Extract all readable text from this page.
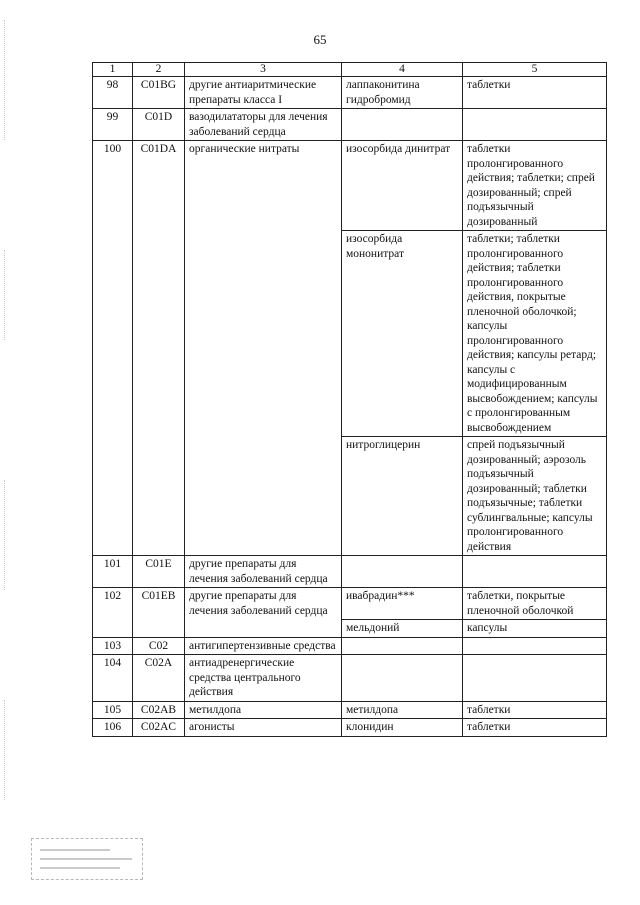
65
1	2	3	4	5
98	C01BG	другие антиаритмические препараты класса I	лаппаконитина гидробромид	таблетки
99	C01D	вазодилататоры для лечения заболеваний сердца		
100	C01DA	органические нитраты	изосорбида динитрат	таблетки пролонгированного действия; таблетки; спрей дозированный; спрей подъязычный дозированный
			изосорбида мононитрат	таблетки; таблетки пролонгированного действия; таблетки пролонгированного действия, покрытые пленочной оболочкой; капсулы пролонгированного действия; капсулы ретард; капсулы с модифицированным высвобождением; капсулы с пролонгированным высвобождением
			нитроглицерин	спрей подъязычный дозированный; аэрозоль подъязычный дозированный; таблетки подъязычные; таблетки сублингвальные; капсулы пролонгированного действия
101	C01E	другие препараты для лечения заболеваний сердца		
102	C01EB	другие препараты для лечения заболеваний сердца	ивабрадин***	таблетки, покрытые пленочной оболочкой
			мельдоний	капсулы
103	C02	антигипертензивные средства		
104	C02A	антиадренергические средства центрального действия		
105	C02AB	метилдопа	метилдопа	таблетки
106	C02AC	агонисты	клонидин	таблетки
